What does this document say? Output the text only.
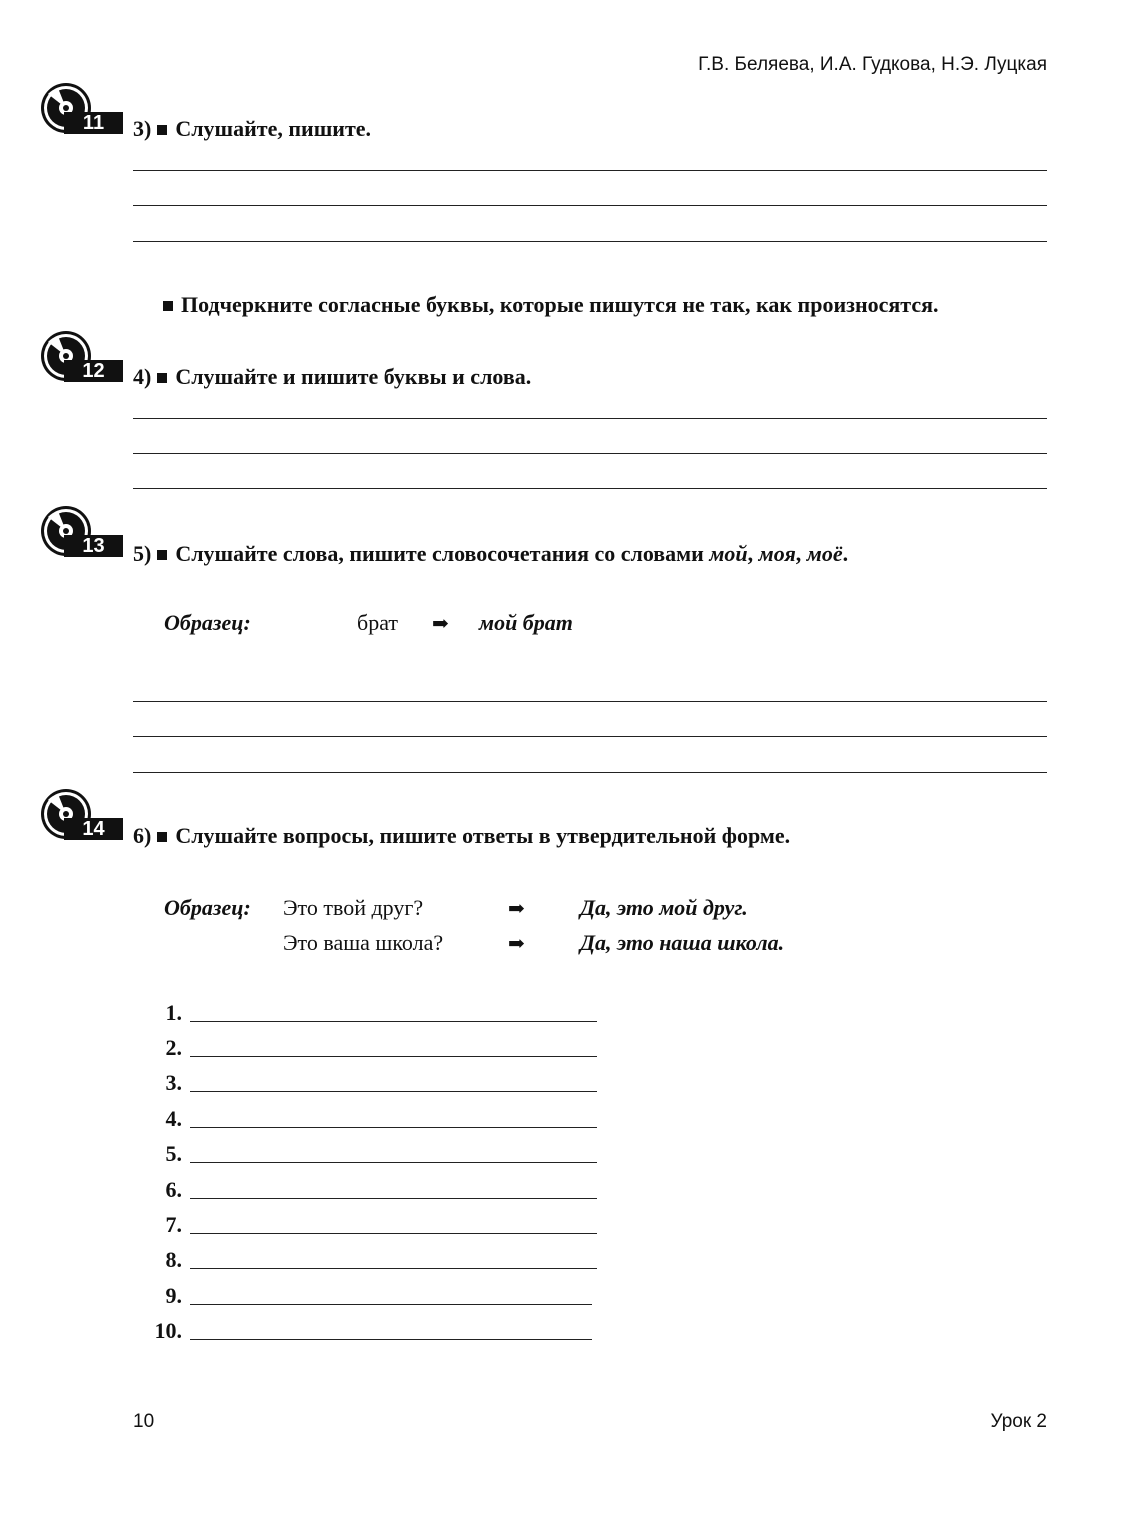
Г.В. Беляева, И.А. Гудкова, Н.Э. Луцкая
11	3) Слушайте, пишите.
Подчеркните согласные буквы, которые пишутся не так, как произносятся.
12	4) Слушайте и пишите буквы и слова.
13	5) Слушайте слова, пишите словосочетания со словами мой, моя, моё.
Образец:	брат ➡ мой брат
14	6) Слушайте вопросы, пишите ответы в утвердительной форме.
Образец: Это твой друг?	➡	Да, это мой друг.
Это ваша школа?	➡	Да, это наша школа.
1.
2.
3.
4.
5.
6.
7.
8.
9.
10.
10	Урок 2
